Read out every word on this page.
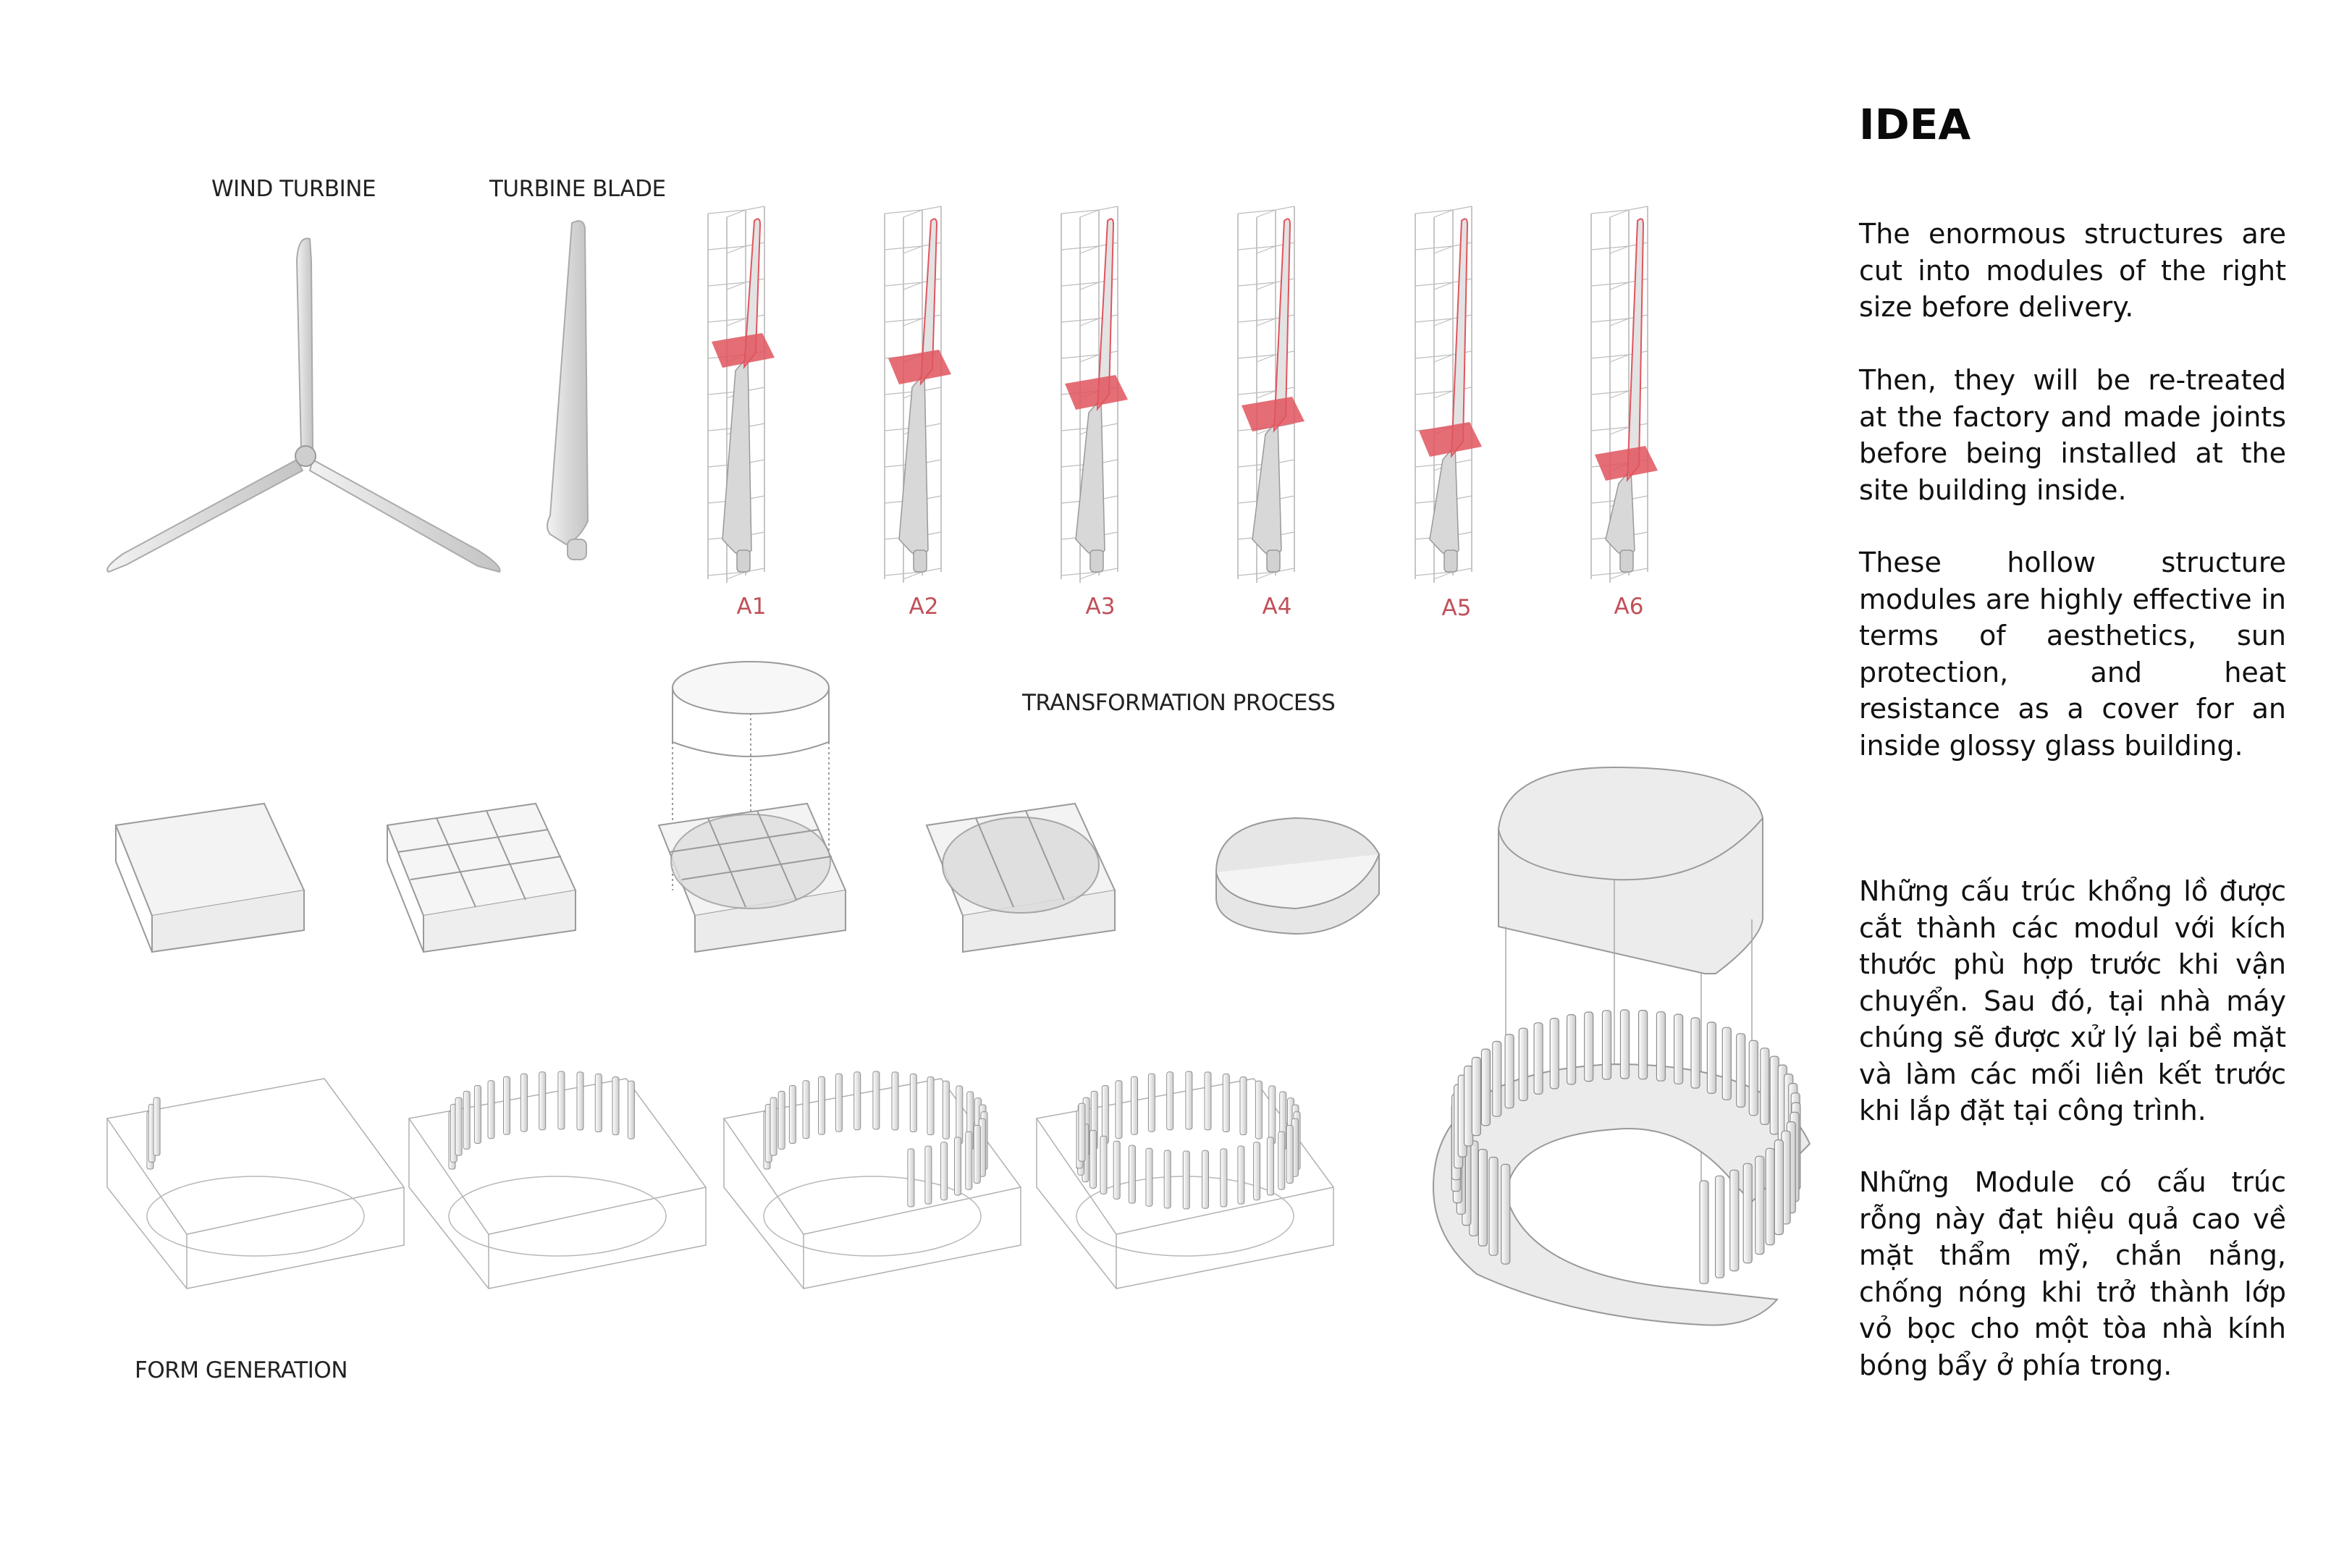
WIND TURBINE	TURBINE BLADE
TRANSFORMATION PROCESS
FORM GENERATION
A1	A2	A3	A4	A5	A6
IDEA
The enormous structures are cut into modules of the right size before delivery.
Then, they will be re-treated at the factory and made joints before being installed at the site building inside.
These hollow structure modules are highly effective in terms of aesthetics, sun protection, and heat resistance as a cover for an inside glossy glass building.
Những cấu trúc khổng lồ được cắt thành các modul với kích thước phù hợp trước khi vận chuyển. Sau đó, tại nhà máy chúng sẽ được xử lý lại bề mặt và làm các mối liên kết trước khi lắp đặt tại công trình.
Những Module có cấu trúc rỗng này đạt hiệu quả cao về mặt thẩm mỹ, chắn nắng, chống nóng khi trở thành lớp vỏ bọc cho một tòa nhà kính bóng bẩy ở phía trong.
